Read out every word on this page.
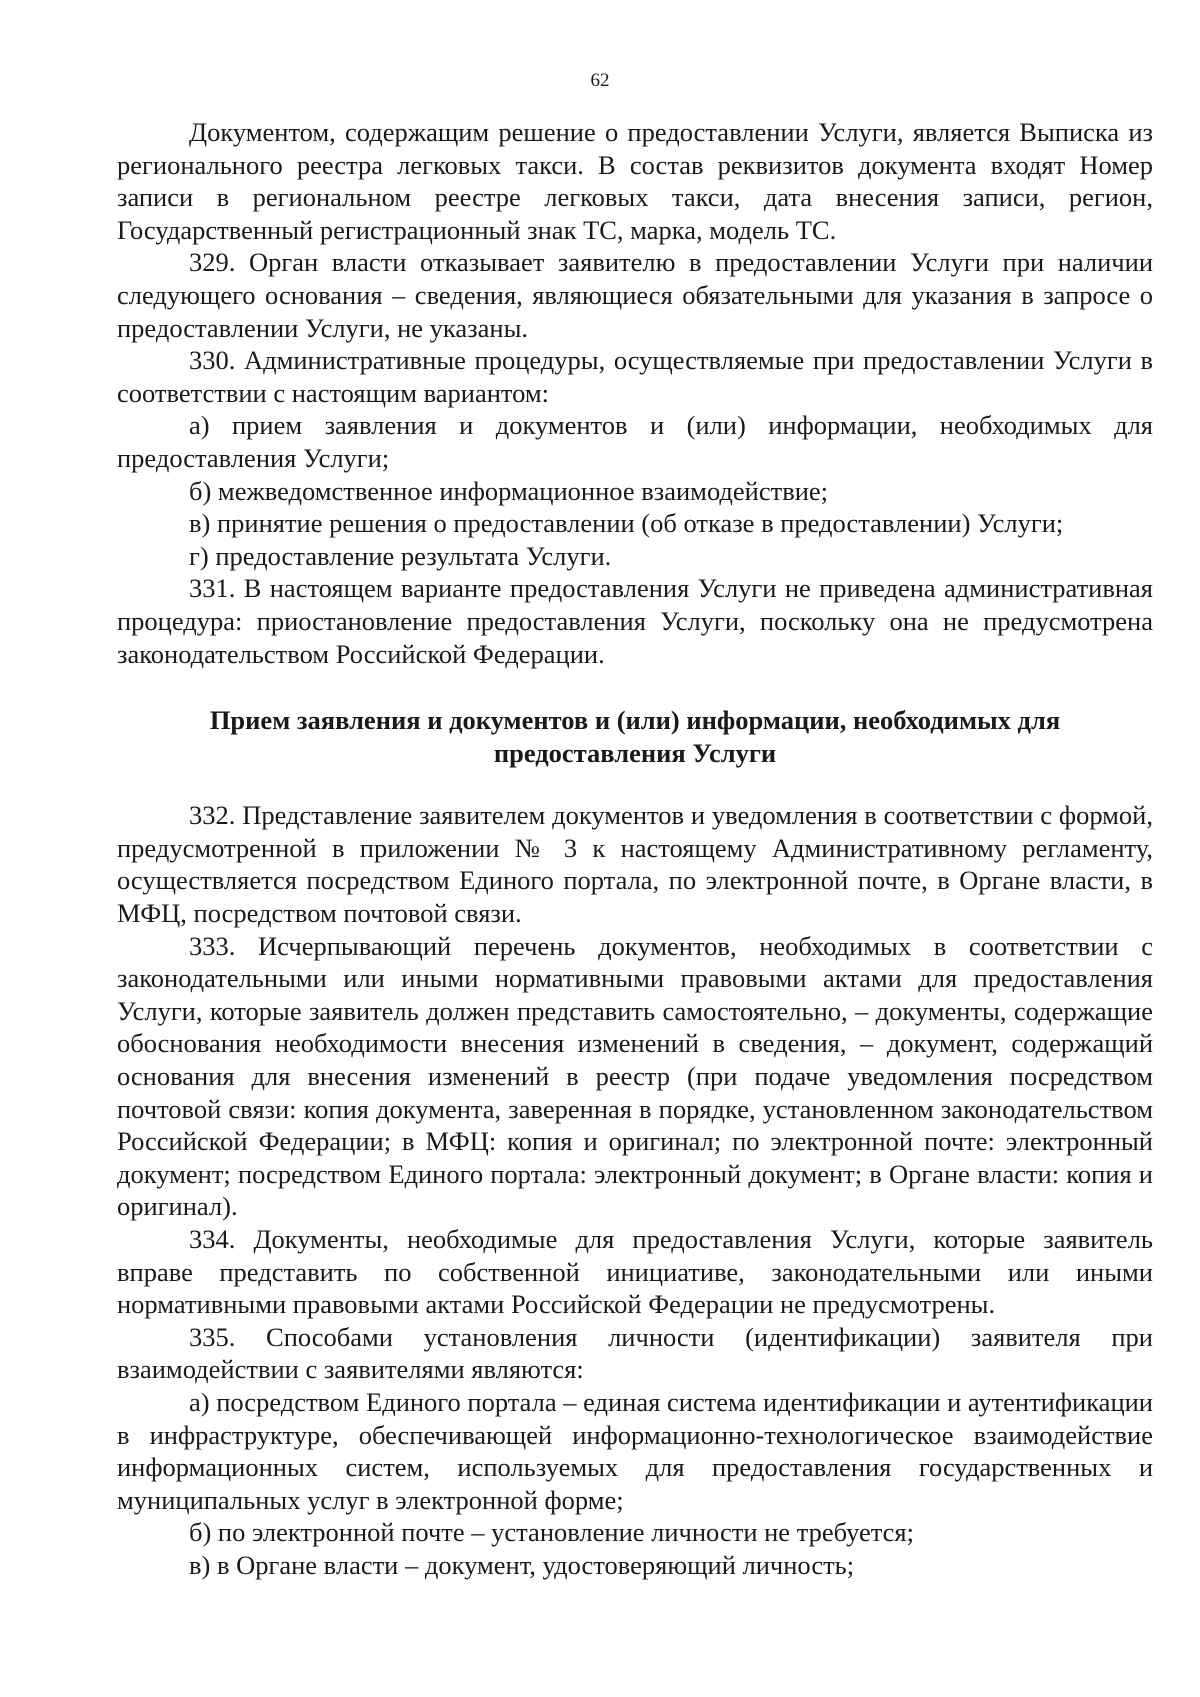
62

Документом, содержащим решение о предоставлении Услуги, является Выписка из регионального реестра легковых такси. В состав реквизитов документа входят Номер записи в региональном реестре легковых такси, дата внесения записи, регион, Государственный регистрационный знак ТС, марка, модель ТС.

329. Орган власти отказывает заявителю в предоставлении Услуги при наличии следующего основания – сведения, являющиеся обязательными для указания в запросе о предоставлении Услуги, не указаны.

330. Административные процедуры, осуществляемые при предоставлении Услуги в соответствии с настоящим вариантом:

а) прием заявления и документов и (или) информации, необходимых для предоставления Услуги;

б) межведомственное информационное взаимодействие;

в) принятие решения о предоставлении (об отказе в предоставлении) Услуги;

г) предоставление результата Услуги.

331. В настоящем варианте предоставления Услуги не приведена административная процедура: приостановление предоставления Услуги, поскольку она не предусмотрена законодательством Российской Федерации.

Прием заявления и документов и (или) информации, необходимых для
предоставления Услуги

332. Представление заявителем документов и уведомления в соответствии с формой, предусмотренной в приложении № 3 к настоящему Административному регламенту, осуществляется посредством Единого портала, по электронной почте, в Органе власти, в МФЦ, посредством почтовой связи.

333. Исчерпывающий перечень документов, необходимых в соответствии с законодательными или иными нормативными правовыми актами для предоставления Услуги, которые заявитель должен представить самостоятельно, – документы, содержащие обоснования необходимости внесения изменений в сведения, – документ, содержащий основания для внесения изменений в реестр (при подаче уведомления посредством почтовой связи: копия документа, заверенная в порядке, установленном законодательством Российской Федерации; в МФЦ: копия и оригинал; по электронной почте: электронный документ; посредством Единого портала: электронный документ; в Органе власти: копия и оригинал).

334. Документы, необходимые для предоставления Услуги, которые заявитель вправе представить по собственной инициативе, законодательными или иными нормативными правовыми актами Российской Федерации не предусмотрены.

335. Способами установления личности (идентификации) заявителя при взаимодействии с заявителями являются:

а) посредством Единого портала – единая система идентификации и аутентификации в инфраструктуре, обеспечивающей информационно-технологическое взаимодействие информационных систем, используемых для предоставления государственных и муниципальных услуг в электронной форме;

б) по электронной почте – установление личности не требуется;

в) в Органе власти – документ, удостоверяющий личность;
